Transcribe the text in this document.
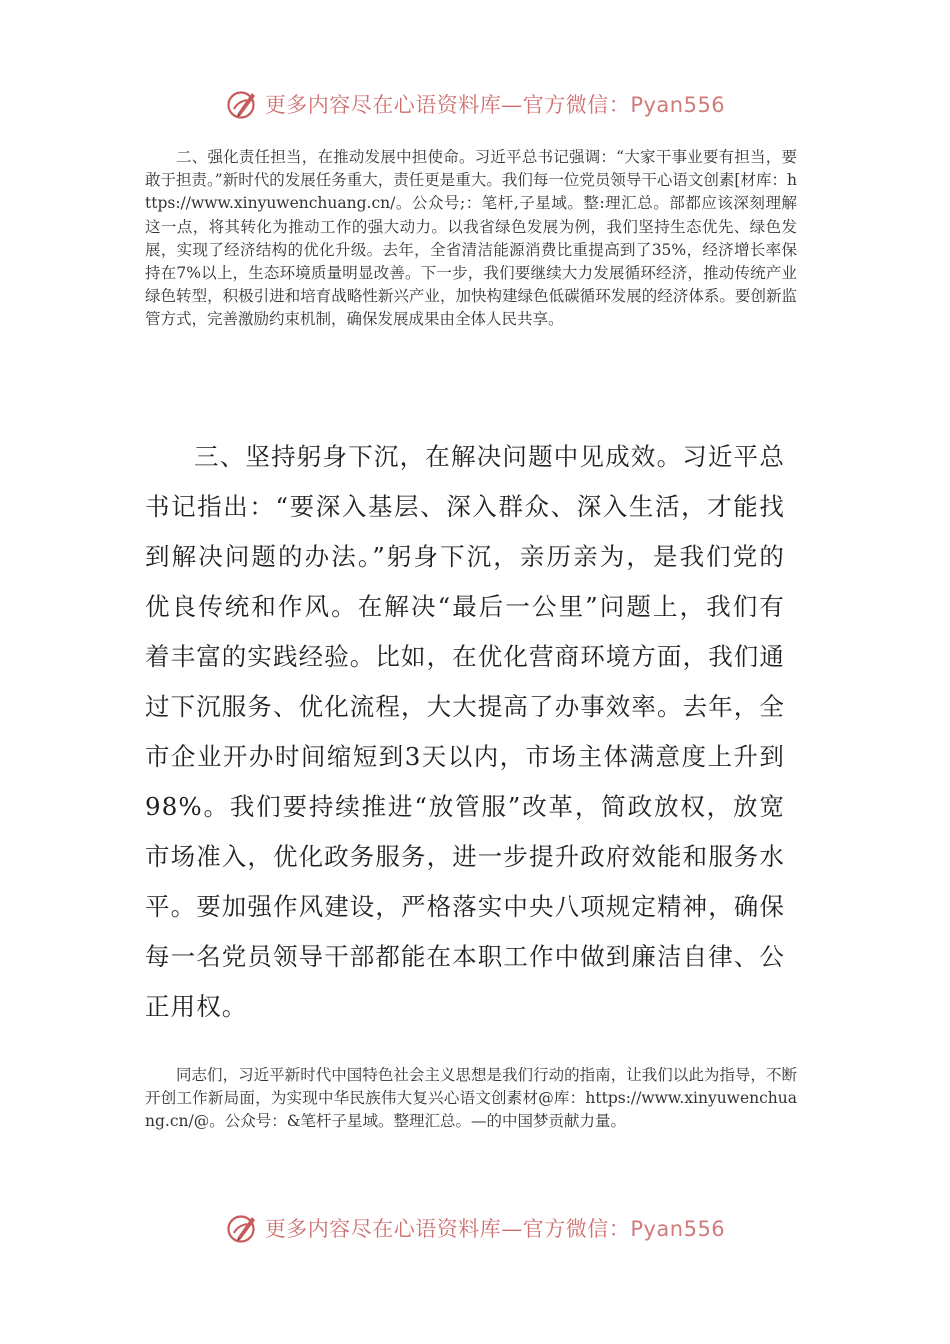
更多内容尽在心语资料库—官方微信：Pyan556

二、强化责任担当，在推动发展中担使命。习近平总书记强调：“大家干事业要有担当，要敢于担责。”新时代的发展任务重大，责任更是重大。我们每一位党员领导干心语文创素[材库：https://www.xinyuwenchuang.cn/。公众号;：笔杆,子星域。整:理汇总。部都应该深刻理解这一点，将其转化为推动工作的强大动力。以我省绿色发展为例，我们坚持生态优先、绿色发展，实现了经济结构的优化升级。去年，全省清洁能源消费比重提高到了35%，经济增长率保持在7%以上，生态环境质量明显改善。下一步，我们要继续大力发展循环经济，推动传统产业绿色转型，积极引进和培育战略性新兴产业，加快构建绿色低碳循环发展的经济体系。要创新监管方式，完善激励约束机制，确保发展成果由全体人民共享。

三、坚持躬身下沉，在解决问题中见成效。习近平总书记指出：“要深入基层、深入群众、深入生活，才能找到解决问题的办法。”躬身下沉，亲历亲为，是我们党的优良传统和作风。在解决“最后一公里”问题上，我们有着丰富的实践经验。比如，在优化营商环境方面，我们通过下沉服务、优化流程，大大提高了办事效率。去年，全市企业开办时间缩短到3天以内，市场主体满意度上升到98%。我们要持续推进“放管服”改革，简政放权，放宽市场准入，优化政务服务，进一步提升政府效能和服务水平。要加强作风建设，严格落实中央八项规定精神，确保每一名党员领导干部都能在本职工作中做到廉洁自律、公正用权。

同志们，习近平新时代中国特色社会主义思想是我们行动的指南，让我们以此为指导，不断开创工作新局面，为实现中华民族伟大复兴心语文创素材@库：https://www.xinyuwenchuang.cn/@。公众号：&笔杆子星域。整理汇总。—的中国梦贡献力量。

更多内容尽在心语资料库—官方微信：Pyan556
